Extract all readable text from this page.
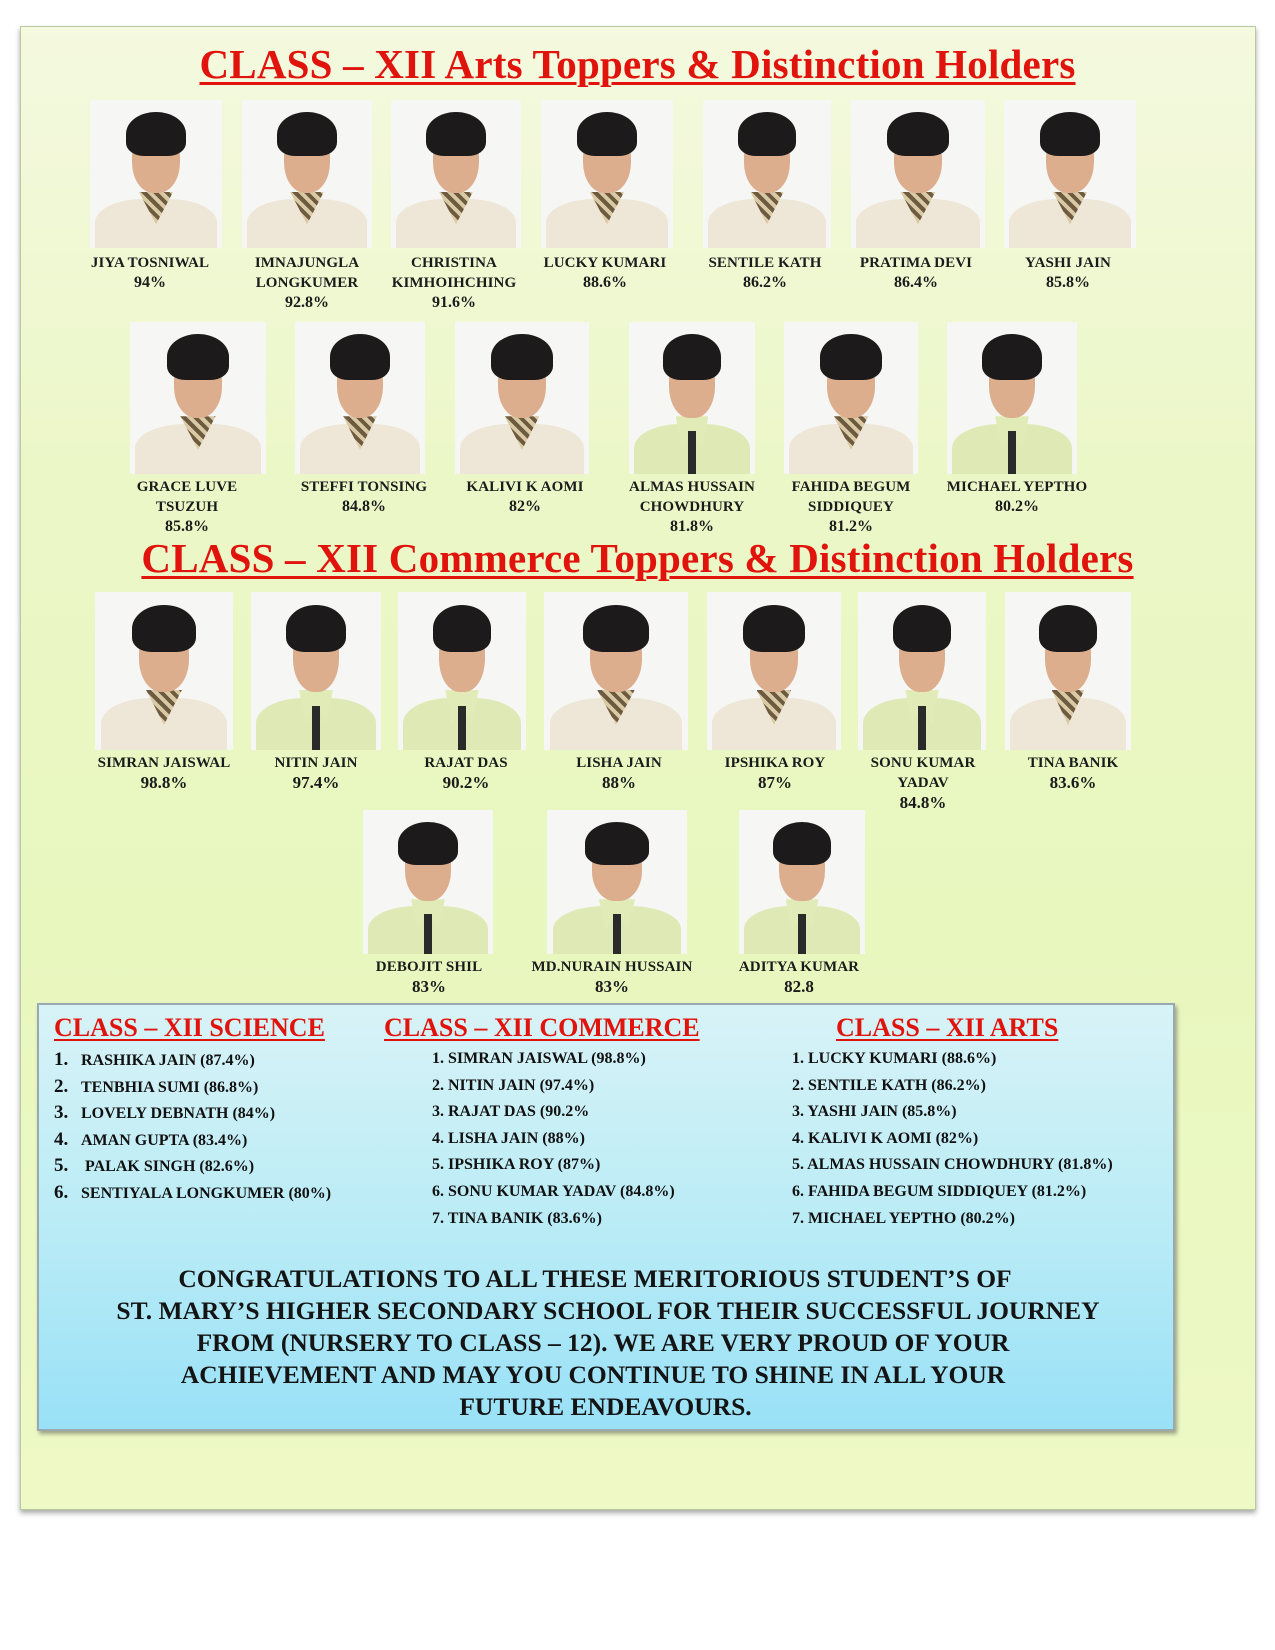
CLASS – XII Arts Toppers & Distinction Holders
CLASS – XII Commerce Toppers & Distinction Holders
JIYA TOSNIWAL
94%
IMNAJUNGLA LONGKUMER
92.8%
CHRISTINA KIMHOIHCHING
91.6%
LUCKY KUMARI
88.6%
SENTILE KATH
86.2%
PRATIMA DEVI
86.4%
YASHI JAIN
85.8%
GRACE LUVE TSUZUH
85.8%
STEFFI TONSING
84.8%
KALIVI K AOMI
82%
ALMAS HUSSAIN CHOWDHURY
81.8%
FAHIDA BEGUM SIDDIQUEY
81.2%
MICHAEL YEPTHO
80.2%
SIMRAN JAISWAL
98.8%
NITIN JAIN
97.4%
RAJAT DAS
90.2%
LISHA JAIN
88%
IPSHIKA ROY
87%
SONU KUMAR YADAV
84.8%
TINA BANIK
83.6%
DEBOJIT SHIL
83%
MD.NURAIN HUSSAIN
83%
ADITYA KUMAR
82.8
CLASS – XII SCIENCE
1. RASHIKA JAIN (87.4%)
2. TENBHIA SUMI (86.8%)
3. LOVELY DEBNATH (84%)
4. AMAN GUPTA (83.4%)
5. PALAK SINGH (82.6%)
6. SENTIYALA LONGKUMER (80%)
CLASS – XII COMMERCE
1. SIMRAN JAISWAL (98.8%)
2. NITIN JAIN (97.4%)
3. RAJAT DAS (90.2%
4. LISHA JAIN (88%)
5. IPSHIKA ROY (87%)
6. SONU KUMAR YADAV (84.8%)
7. TINA BANIK (83.6%)
CLASS – XII ARTS
1. LUCKY KUMARI (88.6%)
2. SENTILE KATH (86.2%)
3. YASHI JAIN (85.8%)
4. KALIVI K AOMI (82%)
5. ALMAS HUSSAIN CHOWDHURY (81.8%)
6. FAHIDA BEGUM SIDDIQUEY (81.2%)
7. MICHAEL YEPTHO (80.2%)
CONGRATULATIONS TO ALL THESE MERITORIOUS STUDENT’S OF
ST. MARY’S HIGHER SECONDARY SCHOOL FOR THEIR SUCCESSFUL JOURNEY
FROM (NURSERY TO CLASS – 12). WE ARE VERY PROUD OF YOUR
ACHIEVEMENT AND MAY YOU CONTINUE TO SHINE IN ALL YOUR
FUTURE ENDEAVOURS.
